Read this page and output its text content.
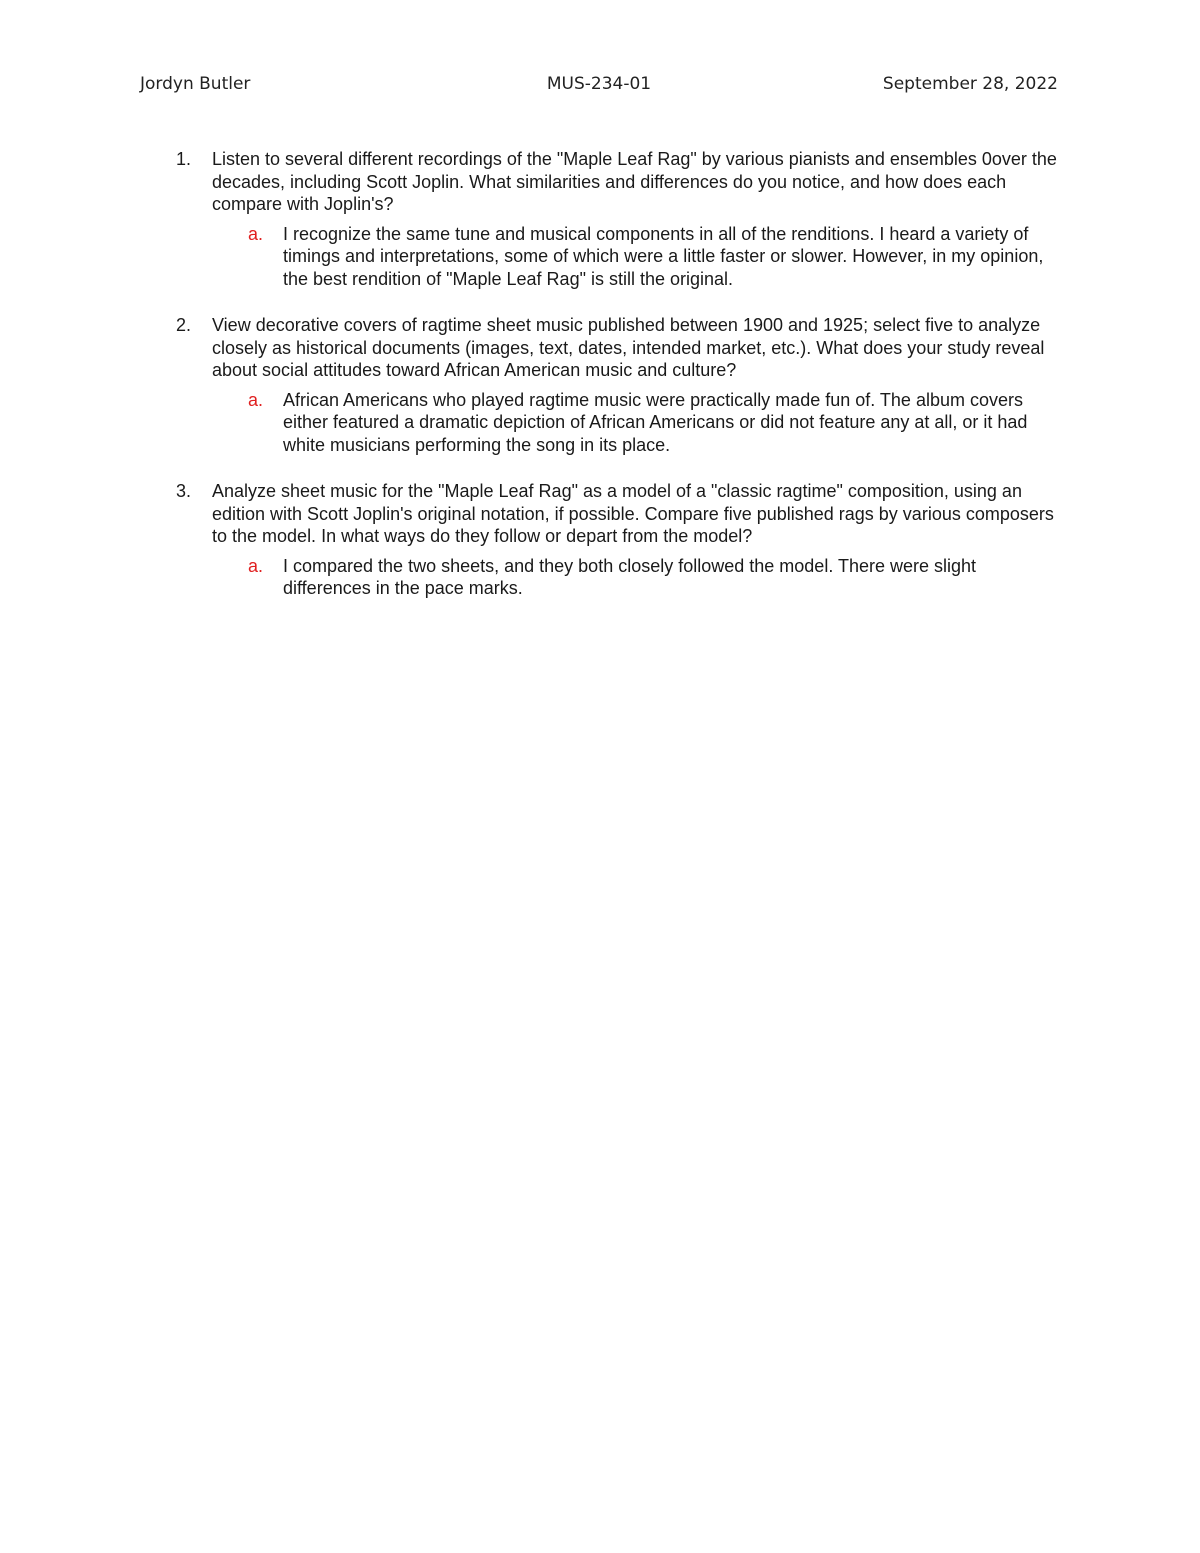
Jordyn Butler	MUS-234-01	September 28, 2022
1. Listen to several different recordings of the "Maple Leaf Rag" by various pianists and ensembles 0over the decades, including Scott Joplin. What similarities and differences do you notice, and how does each compare with Joplin's?
a. I recognize the same tune and musical components in all of the renditions. I heard a variety of timings and interpretations, some of which were a little faster or slower. However, in my opinion, the best rendition of "Maple Leaf Rag" is still the original.
2. View decorative covers of ragtime sheet music published between 1900 and 1925; select five to analyze closely as historical documents (images, text, dates, intended market, etc.). What does your study reveal about social attitudes toward African American music and culture?
a. African Americans who played ragtime music were practically made fun of. The album covers either featured a dramatic depiction of African Americans or did not feature any at all, or it had white musicians performing the song in its place.
3. Analyze sheet music for the "Maple Leaf Rag" as a model of a "classic ragtime" composition, using an edition with Scott Joplin's original notation, if possible. Compare five published rags by various composers to the model. In what ways do they follow or depart from the model?
a. I compared the two sheets, and they both closely followed the model. There were slight differences in the pace marks.
